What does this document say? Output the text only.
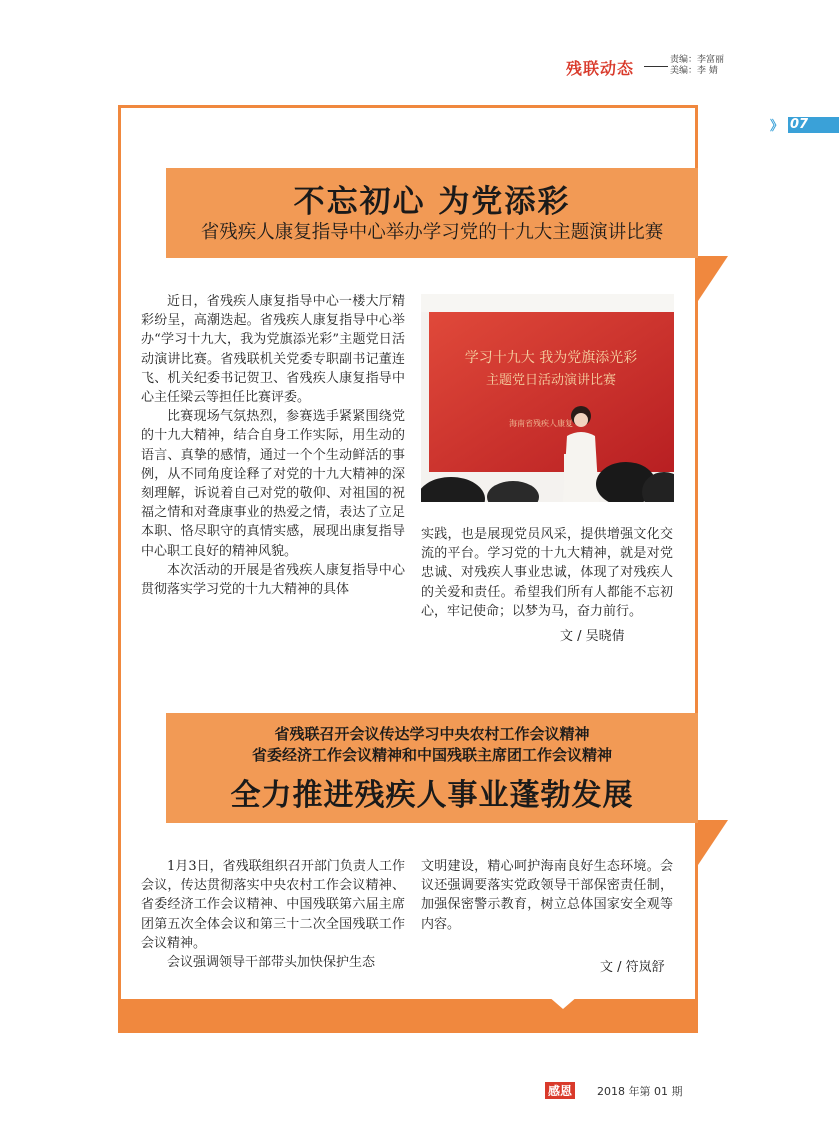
残联动态	责编：李富丽
美编：李 婧
》 07
不忘初心 为党添彩
省残疾人康复指导中心举办学习党的十九大主题演讲比赛

近日，省残疾人康复指导中心一楼大厅精彩纷呈，高潮迭起。省残疾人康复指导中心举办“学习十九大，我为党旗添光彩”主题党日活动演讲比赛。省残联机关党委专职副书记董连飞、机关纪委书记贺卫、省残疾人康复指导中心主任梁云等担任比赛评委。

比赛现场气氛热烈，参赛选手紧紧围绕党的十九大精神，结合自身工作实际，用生动的语言、真挚的感情，通过一个个生动鲜活的事例，从不同角度诠释了对党的十九大精神的深刻理解，诉说着自己对党的敬仰、对祖国的祝福之情和对聋康事业的热爱之情，表达了立足本职、恪尽职守的真情实感，展现出康复指导中心职工良好的精神风貌。

本次活动的开展是省残疾人康复指导中心贯彻落实学习党的十九大精神的具体

学习十九大 我为党旗添光彩
主题党日活动演讲比赛
海南省残疾人康复

实践，也是展现党员风采，提供增强文化交流的平台。学习党的十九大精神，就是对党忠诚、对残疾人事业忠诚，体现了对残疾人的关爱和责任。希望我们所有人都能不忘初心，牢记使命；以梦为马，奋力前行。

文 / 吴晓倩
省残联召开会议传达学习中央农村工作会议精神
省委经济工作会议精神和中国残联主席团工作会议精神
全力推进残疾人事业蓬勃发展

1月3日，省残联组织召开部门负责人工作会议，传达贯彻落实中央农村工作会议精神、省委经济工作会议精神、中国残联第六届主席团第五次全体会议和第三十二次全国残联工作会议精神。

会议强调领导干部带头加快保护生态

文明建设，精心呵护海南良好生态环境。会议还强调要落实党政领导干部保密责任制，加强保密警示教育，树立总体国家安全观等内容。

文 / 符岚舒
感恩 2018 年第 01 期
